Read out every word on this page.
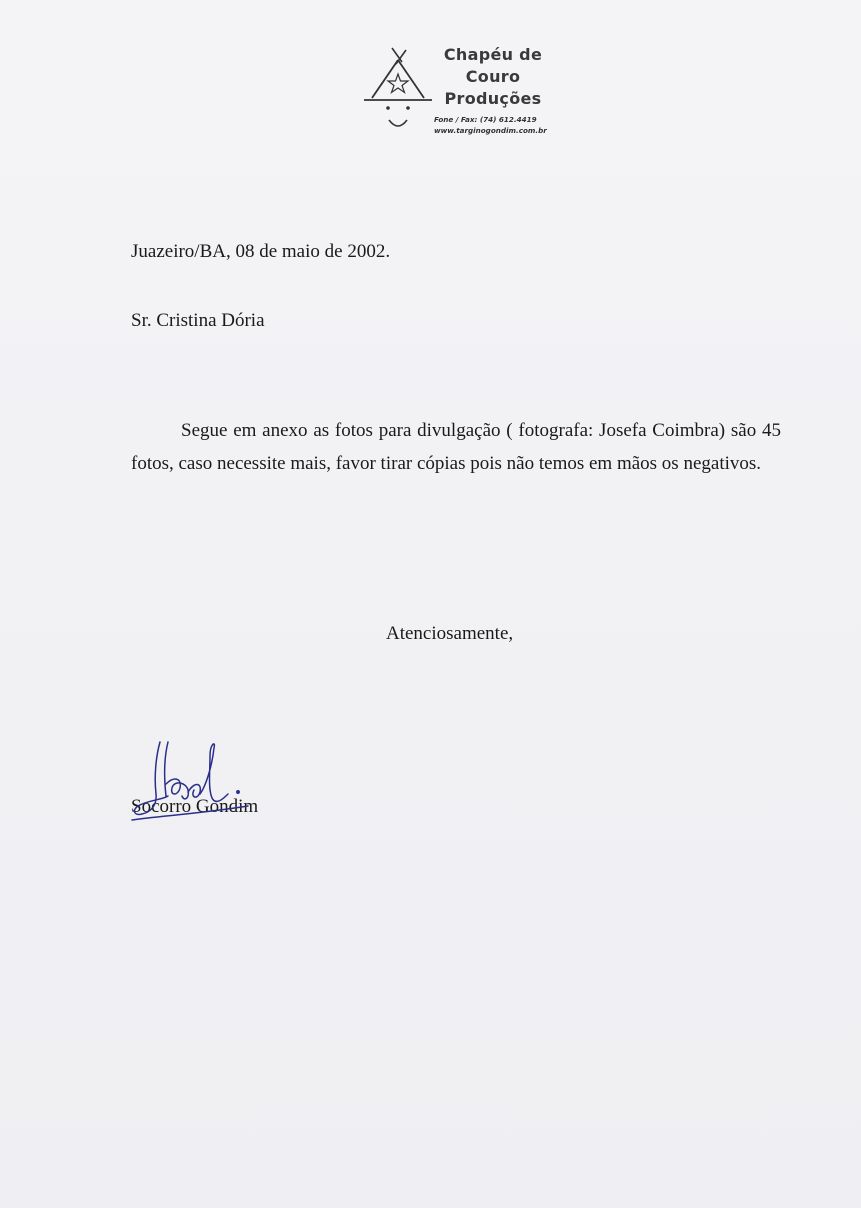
Chapéu de
Couro
Produções
Fone / Fax: (74) 612.4419
www.targinogondim.com.br
Juazeiro/BA, 08 de maio de 2002.
Sr. Cristina Dória

Segue em anexo as fotos para divulgação ( fotografa: Josefa Coimbra) são 45 fotos, caso necessite mais, favor tirar cópias pois não temos em mãos os negativos.

Atenciosamente,
Socorro Gondim
